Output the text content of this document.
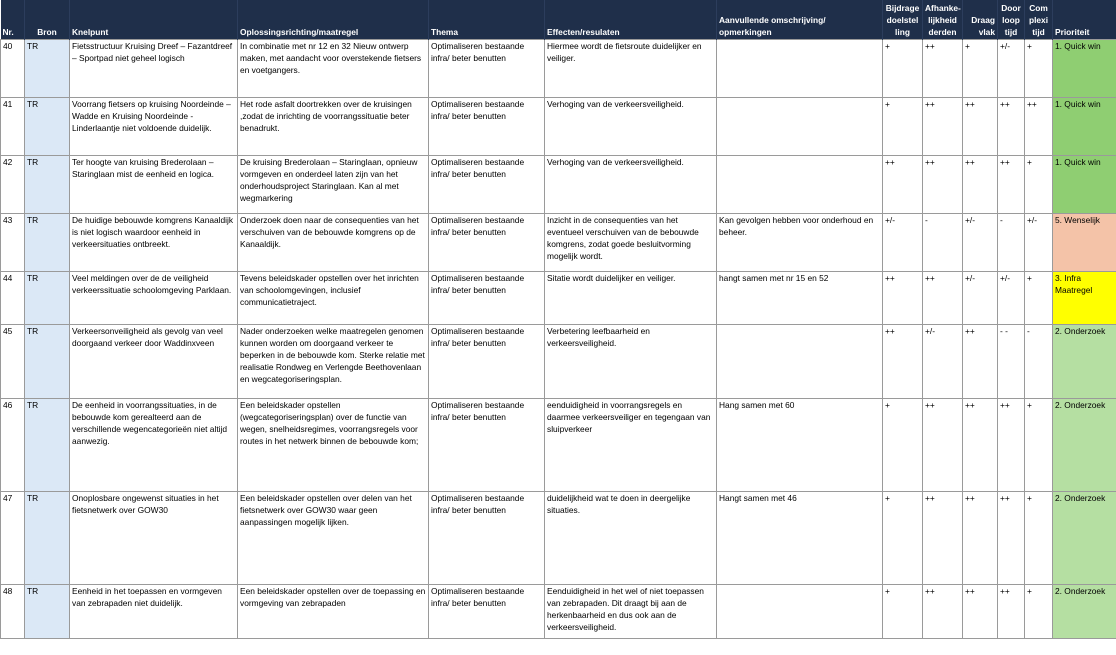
Nr.	Bron	Knelpunt	Oplossingsrichting/maatregel	Thema	Effecten/resulaten	Aanvullende omschrijving/ opmerkingen	Bijdrage doelstel ling	Afhanke-lijkheid derden	Draag vlak	Door loop tijd	Com plexi tijd	Prioriteit
40	TR	Fietsstructuur Kruising Dreef – Fazantdreef – Sportpad niet geheel logisch	In combinatie met nr 12 en 32 Nieuw ontwerp maken, met aandacht voor overstekende fietsers en voetgangers.	Optimaliseren bestaande infra/ beter benutten	Hiermee wordt de fietsroute duidelijker en veiliger.		+	++	+	+/-	+	1. Quick win
41	TR	Voorrang fietsers op kruising Noordeinde – Wadde en Kruising Noordeinde - Linderlaantje niet voldoende duidelijk.	Het rode asfalt doortrekken over de kruisingen ,zodat de inrichting de voorrangssituatie beter benadrukt.	Optimaliseren bestaande infra/ beter benutten	Verhoging van de verkeersveiligheid.		+	++	++	++	++	1. Quick win
42	TR	Ter hoogte van kruising Brederolaan – Staringlaan mist de eenheid en logica.	De kruising Brederolaan – Staringlaan, opnieuw vormgeven en onderdeel laten zijn van het onderhoudsproject Staringlaan. Kan al met wegmarkering	Optimaliseren bestaande infra/ beter benutten	Verhoging van de verkeersveiligheid.		++	++	++	++	+	1. Quick win
43	TR	De huidige bebouwde komgrens Kanaaldijk is niet logisch waardoor eenheid in verkeersituaties ontbreekt.	Onderzoek doen naar de consequenties van het verschuiven van de bebouwde komgrens op de Kanaaldijk.	Optimaliseren bestaande infra/ beter benutten	Inzicht in de consequenties van het eventueel verschuiven van de bebouwde komgrens, zodat goede besluitvorming mogelijk wordt.	Kan gevolgen hebben voor onderhoud en beheer.	+/-	-	+/-	-	+/-	5. Wenselijk
44	TR	Veel meldingen over de de veiligheid verkeerssituatie schoolomgeving Parklaan.	Tevens beleidskader opstellen over het inrichten van schoolomgevingen, inclusief communicatietraject.	Optimaliseren bestaande infra/ beter benutten	Sitatie wordt duidelijker en veiliger.	hangt samen met nr 15 en 52	++	++	+/-	+/-	+	3. Infra Maatregel
45	TR	Verkeersonveiligheid als gevolg van veel doorgaand verkeer door Waddinxveen	Nader onderzoeken welke maatregelen genomen kunnen worden om doorgaand verkeer te beperken in de bebouwde kom. Sterke relatie met realisatie Rondweg en Verlengde Beethovenlaan en wegcategoriseringsplan.	Optimaliseren bestaande infra/ beter benutten	Verbetering leefbaarheid en verkeersveiligheid.		++	+/-	++	- -	-	2. Onderzoek
46	TR	De eenheid in voorrangssituaties, in de bebouwde kom gerealteerd aan de verschillende wegencategorieën niet altijd aanwezig.	Een beleidskader opstellen (wegcategoriseringsplan) over de functie van wegen, snelheidsregimes, voorrangsregels voor routes in het netwerk binnen de bebouwde kom;	Optimaliseren bestaande infra/ beter benutten	eenduidigheid in voorrangsregels en daarmee verkeersveiliger en tegengaan van sluipverkeer	Hang samen met 60	+	++	++	++	+	2. Onderzoek
47	TR	Onoplosbare ongewenst situaties in het fietsnetwerk over GOW30	Een beleidskader opstellen over delen van het fietsnetwerk over GOW30 waar geen aanpassingen mogelijk lijken.	Optimaliseren bestaande infra/ beter benutten	duidelijkheid wat te doen in deergelijke situaties.	Hangt samen met 46	+	++	++	++	+	2. Onderzoek
48	TR	Eenheid in het toepassen en vormgeven van zebrapaden niet duidelijk.	Een beleidskader opstellen over de toepassing en vormgeving van zebrapaden	Optimaliseren bestaande infra/ beter benutten	Eenduidigheid in het wel of niet toepassen van zebrapaden. Dit draagt bij aan de herkenbaarheid en dus ook aan de verkeersveiligheid.		+	++	++	++	+	2. Onderzoek
